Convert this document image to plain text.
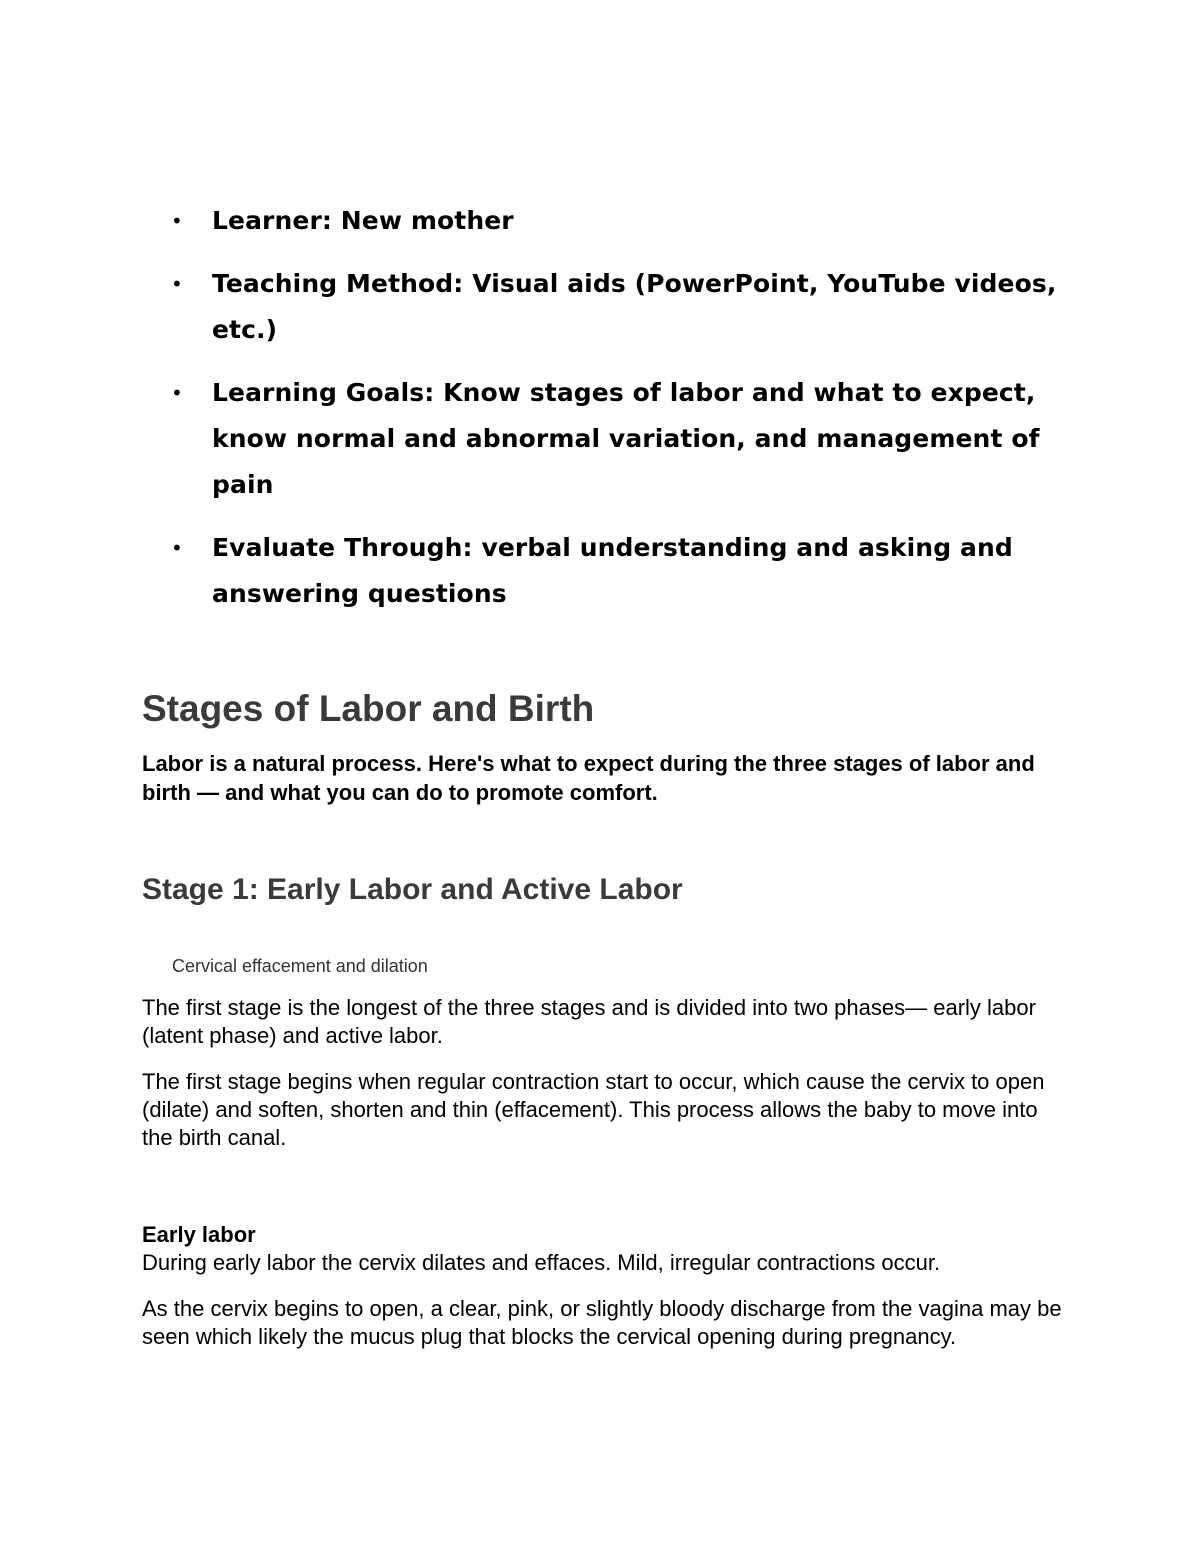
• Learner: New mother
• Teaching Method: Visual aids (PowerPoint, YouTube videos, etc.)
• Learning Goals: Know stages of labor and what to expect, know normal and abnormal variation, and management of pain
• Evaluate Through: verbal understanding and asking and answering questions
Stages of Labor and Birth

Labor is a natural process. Here's what to expect during the three stages of labor and birth — and what you can do to promote comfort.

Stage 1: Early Labor and Active Labor

Cervical effacement and dilation

The first stage is the longest of the three stages and is divided into two phases— early labor (latent phase) and active labor.

The first stage begins when regular contraction start to occur, which cause the cervix to open (dilate) and soften, shorten and thin (effacement). This process allows the baby to move into the birth canal.

Early labor

During early labor the cervix dilates and effaces. Mild, irregular contractions occur.

As the cervix begins to open, a clear, pink, or slightly bloody discharge from the vagina may be seen which likely the mucus plug that blocks the cervical opening during pregnancy.
